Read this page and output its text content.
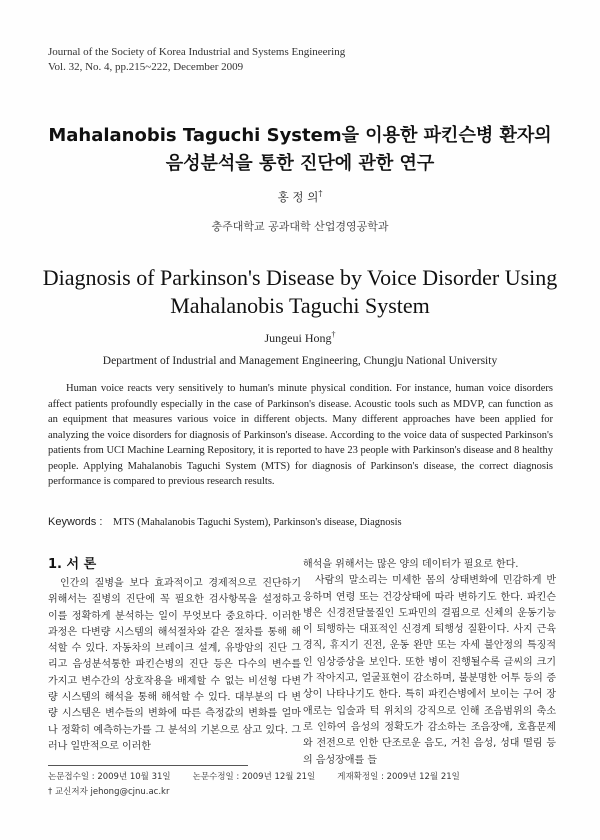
Journal of the Society of Korea Industrial and Systems Engineering
Vol. 32, No. 4, pp.215~222, December 2009
Mahalanobis Taguchi System을 이용한 파킨슨병 환자의
음성분석을 통한 진단에 관한 연구
홍 정 의†
충주대학교 공과대학 산업경영공학과
Diagnosis of Parkinson's Disease by Voice Disorder Using
Mahalanobis Taguchi System
Jungeui Hong†
Department of Industrial and Management Engineering, Chungju National University
Human voice reacts very sensitively to human's minute physical condition. For instance, human voice disorders affect patients profoundly especially in the case of Parkinson's disease. Acoustic tools such as MDVP, can function as an equipment that measures various voice in different objects. Many different approaches have been applied for analyzing the voice disorders for diagnosis of Parkinson's disease. According to the voice data of suspected Parkinson's patients from UCI Machine Learning Repository, it is reported to have 23 people with Parkinson's disease and 8 healthy people. Applying Mahalanobis Taguchi System (MTS) for diagnosis of Parkinson's disease, the correct diagnosis performance is compared to previous research results.
Keywords : MTS (Mahalanobis Taguchi System), Parkinson's disease, Diagnosis
1. 서 론
인간의 질병을 보다 효과적이고 경제적으로 진단하기 위해서는 질병의 진단에 꼭 필요한 검사항목을 설정하고 이를 정확하게 분석하는 일이 무엇보다 중요하다. 이러한 과정은 다변량 시스템의 해석절차와 같은 절차를 통해 해석할 수 있다. 자동차의 브레이크 설계, 유방암의 진단 그리고 음성분석통한 파킨슨병의 진단 등은 다수의 변수를 가지고 변수간의 상호작용을 배제할 수 없는 비선형 다변량 시스템의 해석을 통해 해석할 수 있다. 대부분의 다 변량 시스템은 변수들의 변화에 따른 측정값의 변화를 얼마나 정확히 예측하는가를 그 분석의 기본으로 삼고 있다. 그러나 일반적으로 이러한

해석을 위해서는 많은 양의 데이터가 필요로 한다.

사람의 말소리는 미세한 몸의 상태변화에 민감하게 반응하며 연령 또는 건강상태에 따라 변하기도 한다. 파킨슨병은 신경전달물질인 도파민의 결핍으로 신체의 운동기능이 퇴행하는 대표적인 신경계 퇴행성 질환이다. 사지 근육경직, 휴지기 진전, 운동 완만 또는 자세 불안정의 특징적인 임상증상을 보인다. 또한 병이 진행될수록 글씨의 크기가 작아지고, 얼굴표현이 감소하며, 불분명한 어투 등의 증상이 나타나기도 한다. 특히 파킨슨병에서 보이는 구어 장애로는 입술과 턱 위치의 강직으로 인해 조음범위의 축소로 인하여 음성의 정확도가 감소하는 조음장애, 호흡문제와 전전으로 인한 단조로운 음도, 거친 음성, 성대 떨림 등의 음성장애를 들

논문접수일 : 2009년 10월 31일	논문수정일 : 2009년 12월 21일	게재확정일 : 2009년 12월 21일
† 교신저자 jehong@cjnu.ac.kr
